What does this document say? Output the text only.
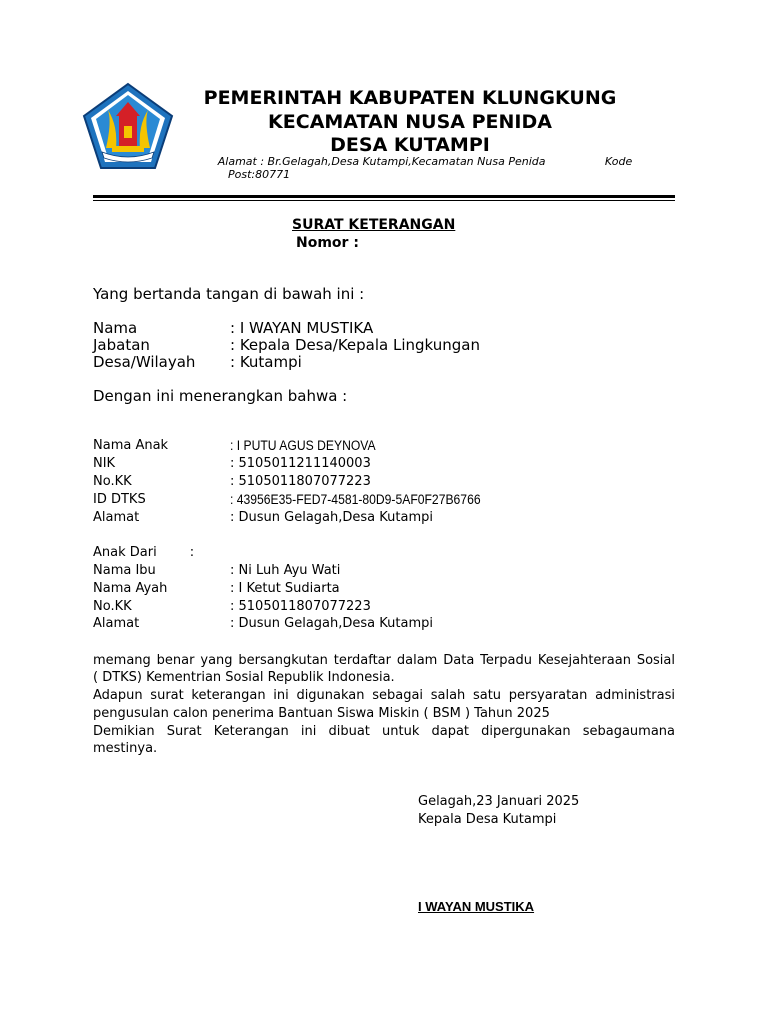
PEMERINTAH KABUPATEN KLUNGKUNG
KECAMATAN NUSA PENIDA
DESA KUTAMPI
Alamat : Br.Gelagah,Desa Kutampi,Kecamatan Nusa Penida                 Kode
Post:80771
SURAT KETERANGAN
Nomor :
Yang bertanda tangan di bawah ini :
Nama	: I WAYAN MUSTIKA
Jabatan	: Kepala Desa/Kepala Lingkungan
Desa/Wilayah : Kutampi
Dengan ini menerangkan bahwa :
Nama Anak	: I PUTU AGUS DEYNOVA
NIK	: 5105011211140003
No.KK	: 5105011807077223
ID DTKS	: 43956E35-FED7-4581-80D9-5AF0F27B6766
Alamat	: Dusun Gelagah,Desa Kutampi
Anak Dari        :
Nama Ibu	: Ni Luh Ayu Wati
Nama Ayah	: I Ketut Sudiarta
No.KK	: 5105011807077223
Alamat	: Dusun Gelagah,Desa Kutampi
memang benar yang bersangkutan terdaftar dalam Data Terpadu Kesejahteraan Sosial
( DTKS) Kementrian Sosial Republik Indonesia.
Adapun surat keterangan ini digunakan sebagai salah satu persyaratan administrasi
pengusulan calon penerima Bantuan Siswa Miskin ( BSM ) Tahun 2025
Demikian Surat Keterangan ini dibuat untuk dapat dipergunakan sebagaumana mestinya.
Gelagah,23 Januari 2025
Kepala Desa Kutampi
I WAYAN MUSTIKA
